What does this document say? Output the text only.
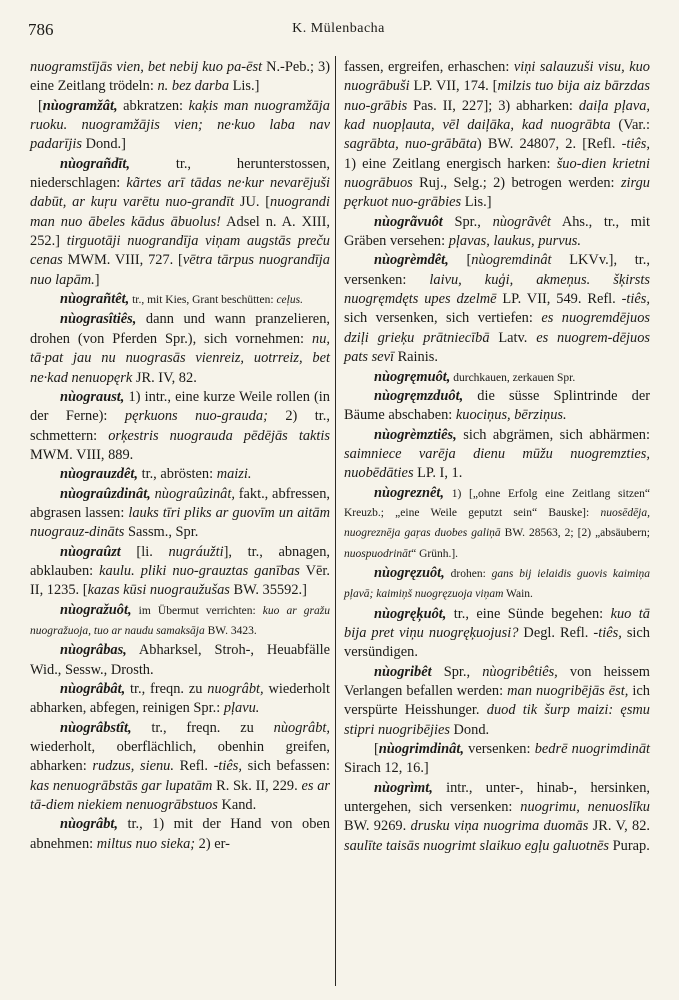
786	K. Mülenbacha

nuogramstījās vien, bet nebij kuo pa-ēst N.-Peb.; 3) eine Zeitlang trödeln: n. bez darba Lis.]

[nùogramžât, abkratzen: kaķis man nuogramžāja ruoku. nuogramžājis vien; ne·kuo laba nav padarījis Dond.]

nùograñdīt, tr., herunterstossen, niederschlagen: kãrtes arī tādas ne·kur nevarējuši dabūt, ar kuŗu varētu nuo-grandīt JU. [nuograndi man nuo ābeles kādus ābuolus! Adsel n. A. XIII, 252.] tirguotāji nuograndīja viņam augstās preču cenas MWM. VIII, 727. [vētra tārpus nuograndīja nuo lapām.]

nùograñtêt, tr., mit Kies, Grant beschütten: ceļus.

nùograsîtiês, dann und wann pranzelieren, drohen (von Pferden Spr.), sich vornehmen: nu, tā·pat jau nu nuograsās vienreiz, uotrreiz, bet ne·kad nenuopęrk JR. IV, 82.

nùograust, 1) intr., eine kurze Weile rollen (in der Ferne): pęrkuons nuo-grauda; 2) tr., schmettern: orķestris nuograuda pēdējās taktis MWM. VIII, 889.

nùograuzdêt, tr., abrösten: maizi.

nùograûzdinât, nùograûzinât, fakt., abfressen, abgrasen lassen: lauks tīri pliks ar guovīm un aitām nuograuz-dināts Sassm., Spr.

nùograûzt [li. nugráužti], tr., abnagen, abklauben: kaulu. pliki nuo-grauztas ganības Vēr. II, 1235. [kazas kūsi nuograužušas BW. 35592.]

nùogražuôt, im Übermut verrichten: kuo ar gražu nuogražuoja, tuo ar naudu samaksāja BW. 3423.

nùogrâbas, Abharksel, Stroh-, Heuabfälle Wid., Sessw., Drosth.

nùogrâbât, tr., freqn. zu nuogrâbt, wiederholt abharken, abfegen, reinigen Spr.: pļavu.

nùogrâbstît, tr., freqn. zu nùogrâbt, wiederholt, oberflächlich, obenhin greifen, abharken: rudzus, sienu. Refl. -tiês, sich befassen: kas nenuogrābstās gar lupatām R. Sk. II, 229. es ar tā-diem niekiem nenuogrābstuos Kand.

nùogrâbt, tr., 1) mit der Hand von oben abnehmen: miltus nuo sieka; 2) er-

fassen, ergreifen, erhaschen: viņi salauzuši visu, kuo nuogrābuši LP. VII, 174. [milzis tuo bija aiz bārzdas nuo-grābis Pas. II, 227]; 3) abharken: daiļa pļava, kad nuopļauta, vēl daiļāka, kad nuogrābta (Var.: sagrābta, nuo-grābāta) BW. 24807, 2. [Refl. -tiês, 1) eine Zeitlang energisch harken: šuo-dien krietni nuogrābuos Ruj., Selg.; 2) betrogen werden: zirgu pęrkuot nuo-grābies Lis.]

nùogrãvuôt Spr., nùogrãvêt Ahs., tr., mit Gräben versehen: pļavas, laukus, purvus.

nùogrèmdêt, [nùogremdinât LKVv.], tr., versenken: laivu, kuģi, akmeņus. šķirsts nuogręmdęts upes dzelmē LP. VII, 549. Refl. -tiês, sich versenken, sich vertiefen: es nuogremdējuos dziļi grieķu prātniecībā Latv. es nuogrem-dējuos pats sevī Rainis.

nùogręmuôt, durchkauen, zerkauen Spr.

nùogręmzduôt, die süsse Splintrinde der Bäume abschaben: kuociņus, bērziņus.

nùogrèmztiês, sich abgrämen, sich abhärmen: saimniece varēja dienu mūžu nuogremzties, nuobēdāties LP. I, 1.

nùogreznêt, 1) [„ohne Erfolg eine Zeitlang sitzen“ Kreuzb.; „eine Weile geputzt sein“ Bauske]: nuosēdēja, nuogreznēja gaŗas duobes galiņā BW. 28563, 2; [2) „absäubern; nuospuodrināt“ Grünh.].

nùogręzuôt, drohen: gans bij ielaidis guovis kaimiņa pļavā; kaimiņš nuogręzuoja viņam Wain.

nùogręķuôt, tr., eine Sünde begehen: kuo tā bija pret viņu nuogręķuojusi? Degl. Refl. -tiês, sich versündigen.

nùogribêt Spr., nùogribêtiês, von heissem Verlangen befallen werden: man nuogribējās ēst, ich verspürte Heisshunger. duod tik šurp maizi: ęsmu stipri nuogribējies Dond.

[nùogrimdinât, versenken: bedrē nuogrimdināt Sirach 12, 16.]

nùogrìmt, intr., unter-, hinab-, hersinken, untergehen, sich versenken: nuogrimu, nenuoslīku BW. 9269. drusku viņa nuogrima duomās JR. V, 82. saulīte taisās nuogrimt slaikuo egļu galuotnēs Purap.
